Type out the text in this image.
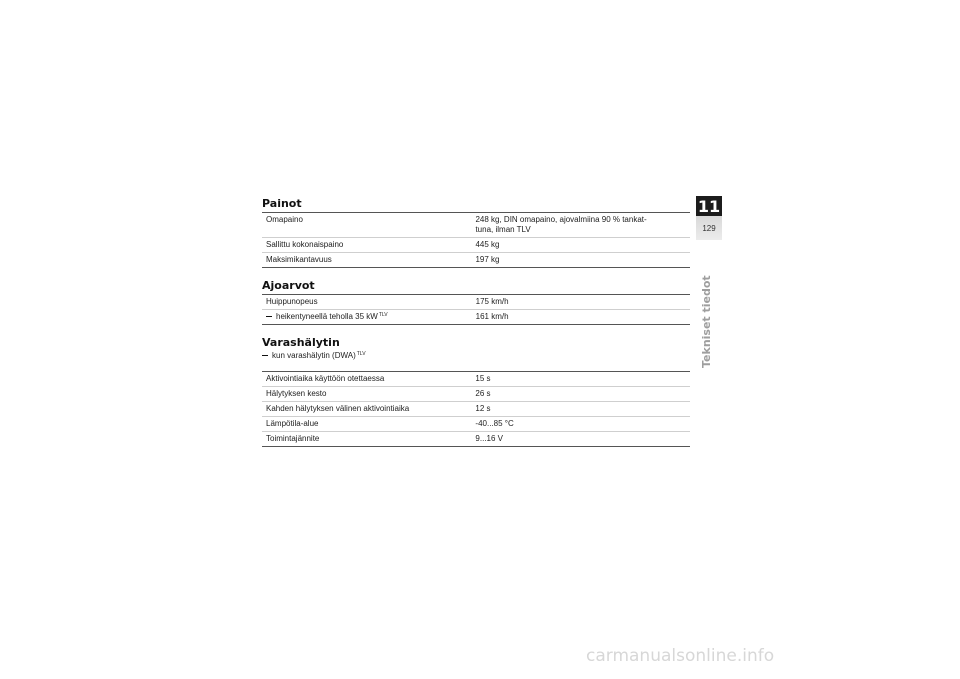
Painot
Omapaino	248 kg, DIN omapaino, ajovalmiina 90 % tankat-
tuna, ilman TLV
Sallittu kokonaispaino	445 kg
Maksimikantavuus	197 kg
Ajoarvot
Huippunopeus	175 km/h

heikentyneellä teholla 35 $kW^{TLV}$	161 km/h
Varashälytin

kun varashälytin (DWA)$^{TLV}$

Aktivointiaika käyttöön otettaessa	15 s
Hälytyksen kesto	26 s
Kahden hälytyksen välinen aktivointiaika	12 s
Lämpötila-alue	-40...85 °C
Toimintajännite	9...16 V
11
129
Tekniset tiedot
carmanualsonline.info
